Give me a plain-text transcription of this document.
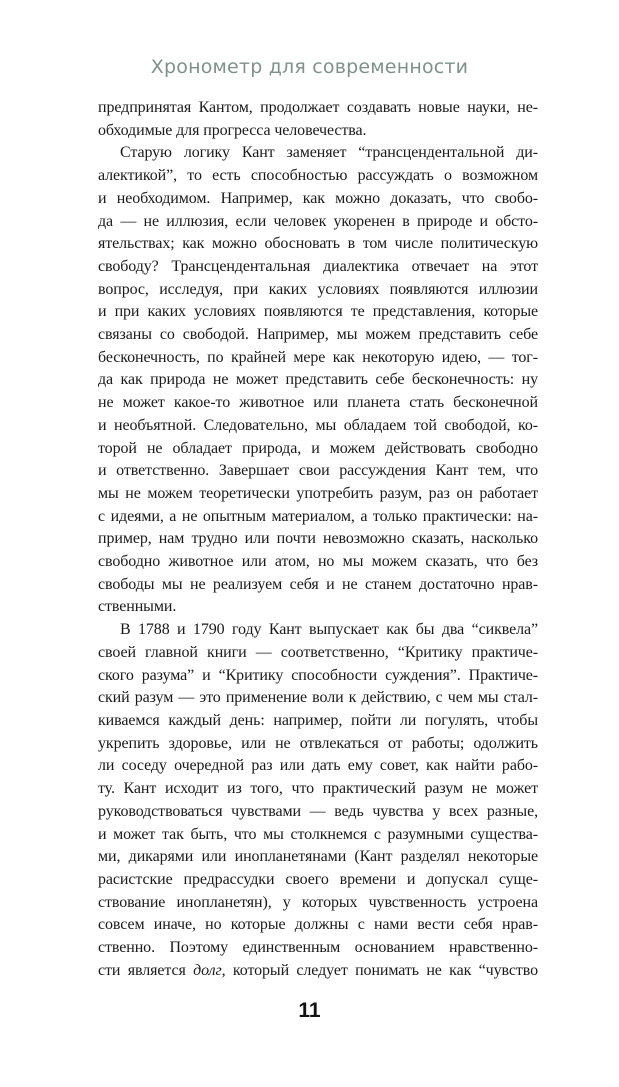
Хронометр для современности
предпринятая Кантом, продолжает создавать новые науки, не-
обходимые для прогресса человечества.
Старую логику Кант заменяет “трансцендентальной ди-
алектикой”, то есть способностью рассуждать о возможном
и необходимом. Например, как можно доказать, что свобо-
да — не иллюзия, если человек укоренен в природе и обсто-
ятельствах; как можно обосновать в том числе политическую
свободу? Трансцендентальная диалектика отвечает на этот
вопрос, исследуя, при каких условиях появляются иллюзии
и при каких условиях появляются те представления, которые
связаны со свободой. Например, мы можем представить себе
бесконечность, по крайней мере как некоторую идею, — тог-
да как природа не может представить себе бесконечность: ну
не может какое-то животное или планета стать бесконечной
и необъятной. Следовательно, мы обладаем той свободой, ко-
торой не обладает природа, и можем действовать свободно
и ответственно. Завершает свои рассуждения Кант тем, что
мы не можем теоретически употребить разум, раз он работает
с идеями, а не опытным материалом, а только практически: на-
пример, нам трудно или почти невозможно сказать, насколько
свободно животное или атом, но мы можем сказать, что без
свободы мы не реализуем себя и не станем достаточно нрав-
ственными.
В 1788 и 1790 году Кант выпускает как бы два “сиквела”
своей главной книги — соответственно, “Критику практиче-
ского разума” и “Критику способности суждения”. Практиче-
ский разум — это применение воли к действию, с чем мы стал-
киваемся каждый день: например, пойти ли погулять, чтобы
укрепить здоровье, или не отвлекаться от работы; одолжить
ли соседу очередной раз или дать ему совет, как найти рабо-
ту. Кант исходит из того, что практический разум не может
руководствоваться чувствами — ведь чувства у всех разные,
и может так быть, что мы столкнемся с разумными существа-
ми, дикарями или инопланетянами (Кант разделял некоторые
расистские предрассудки своего времени и допускал суще-
ствование инопланетян), у которых чувственность устроена
совсем иначе, но которые должны с нами вести себя нрав-
ственно. Поэтому единственным основанием нравственно-
сти является долг, который следует понимать не как “чувство
11
